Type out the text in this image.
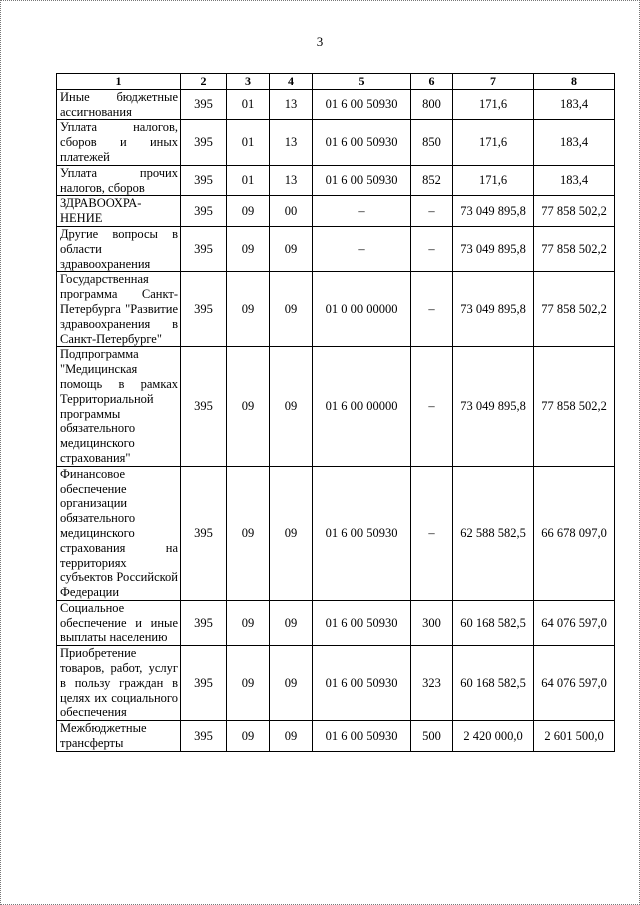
3
1	2	3	4	5	6	7	8
Иные бюджетные ассигнования	395	01	13	01 6 00 50930	800	171,6	183,4
Уплата налогов, сборов и иных платежей	395	01	13	01 6 00 50930	850	171,6	183,4
Уплата прочих налогов, сборов	395	01	13	01 6 00 50930	852	171,6	183,4
ЗДРАВООХРА-НЕНИЕ	395	09	00	–	–	73 049 895,8	77 858 502,2
Другие вопросы в области здравоохранения	395	09	09	–	–	73 049 895,8	77 858 502,2
Государственная программа Санкт-Петербурга "Развитие здравоохранения в Санкт-Петербурге"	395	09	09	01 0 00 00000	–	73 049 895,8	77 858 502,2
Подпрограмма "Медицинская помощь в рамках Территориальной программы обязательного медицинского страхования"	395	09	09	01 6 00 00000	–	73 049 895,8	77 858 502,2
Финансовое обеспечение организации обязательного медицинского страхования на территориях субъектов Российской Федерации	395	09	09	01 6 00 50930	–	62 588 582,5	66 678 097,0
Социальное обеспечение и иные выплаты населению	395	09	09	01 6 00 50930	300	60 168 582,5	64 076 597,0
Приобретение товаров, работ, услуг в пользу граждан в целях их социального обеспечения	395	09	09	01 6 00 50930	323	60 168 582,5	64 076 597,0
Межбюджетные трансферты	395	09	09	01 6 00 50930	500	2 420 000,0	2 601 500,0
